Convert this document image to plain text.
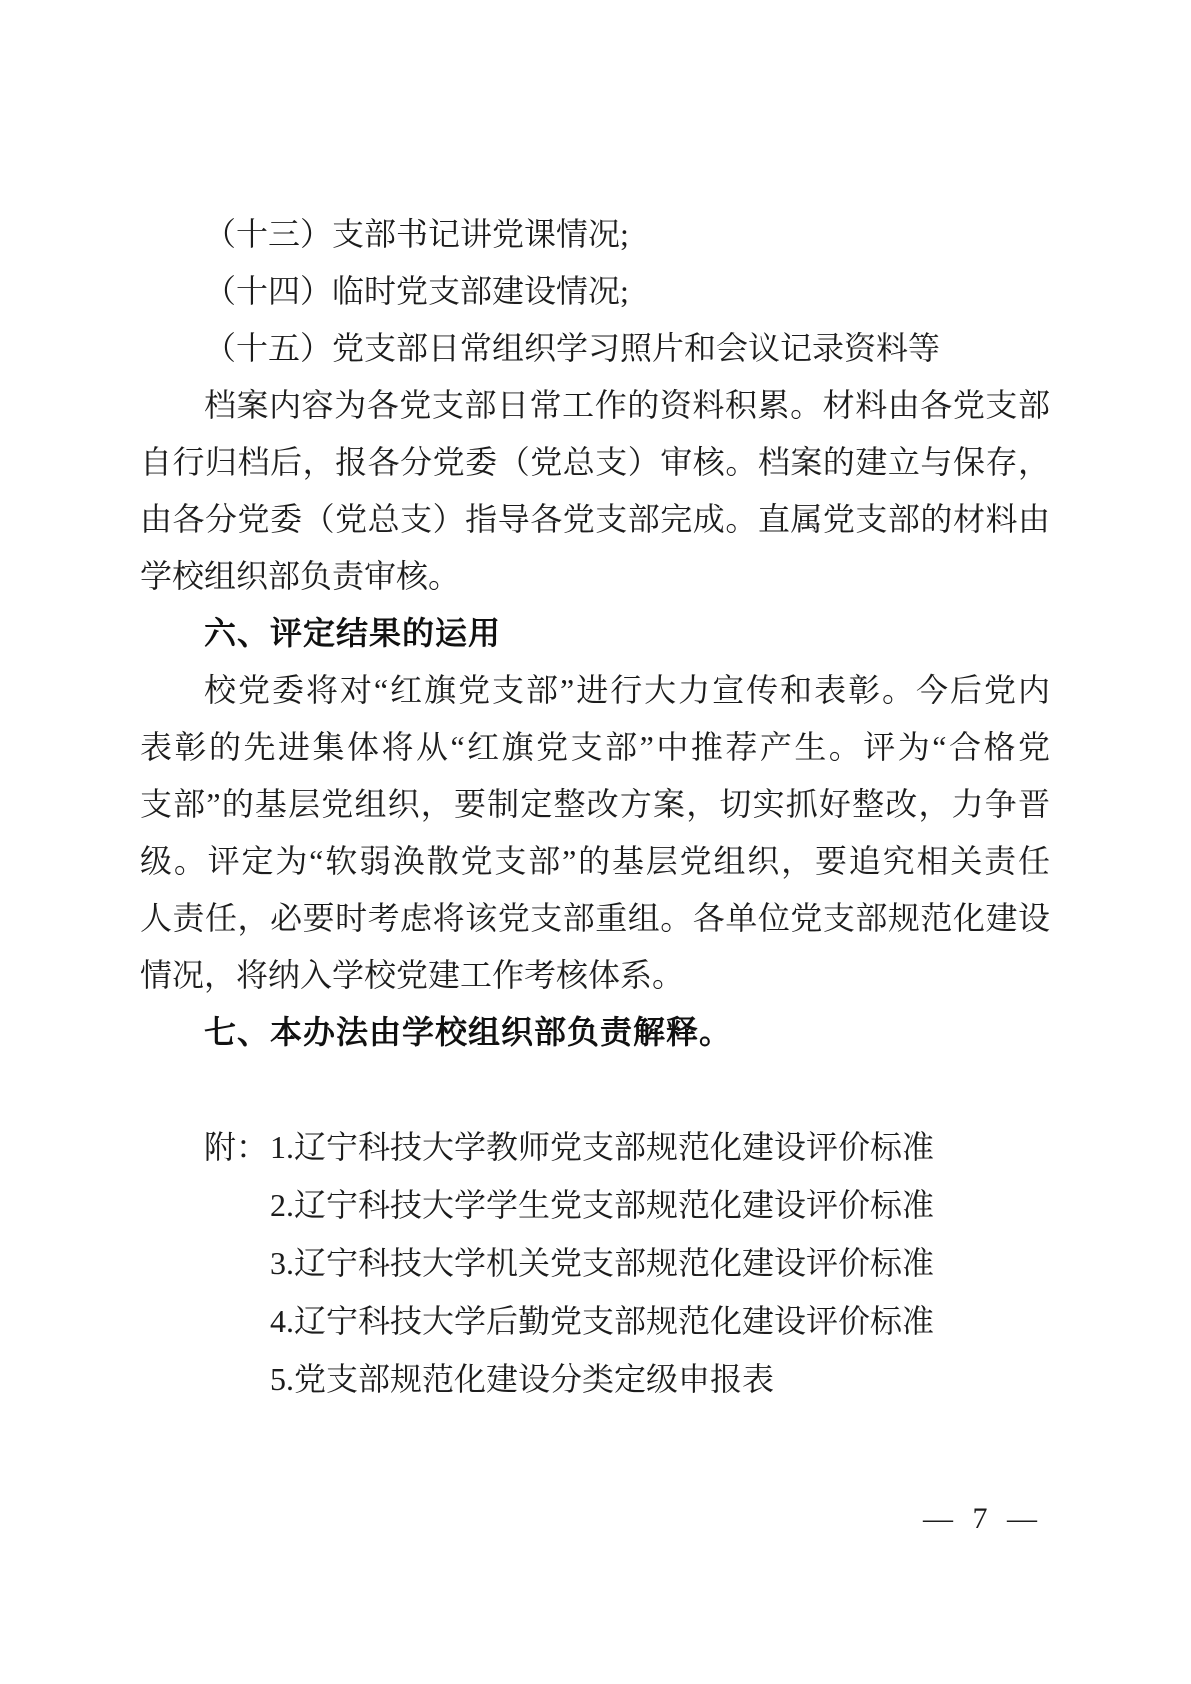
（十三）支部书记讲党课情况;
（十四）临时党支部建设情况;
（十五）党支部日常组织学习照片和会议记录资料等
档案内容为各党支部日常工作的资料积累。材料由各党支部
自行归档后，报各分党委（党总支）审核。档案的建立与保存，
由各分党委（党总支）指导各党支部完成。直属党支部的材料由
学校组织部负责审核。
六、评定结果的运用
校党委将对“红旗党支部”进行大力宣传和表彰。今后党内
表彰的先进集体将从“红旗党支部”中推荐产生。评为“合格党
支部”的基层党组织，要制定整改方案，切实抓好整改，力争晋
级。评定为“软弱涣散党支部”的基层党组织，要追究相关责任
人责任，必要时考虑将该党支部重组。各单位党支部规范化建设
情况，将纳入学校党建工作考核体系。
七、本办法由学校组织部负责解释。
附： 1.辽宁科技大学教师党支部规范化建设评价标准
2.辽宁科技大学学生党支部规范化建设评价标准
3.辽宁科技大学机关党支部规范化建设评价标准
4.辽宁科技大学后勤党支部规范化建设评价标准
5.党支部规范化建设分类定级申报表
— 7 —
